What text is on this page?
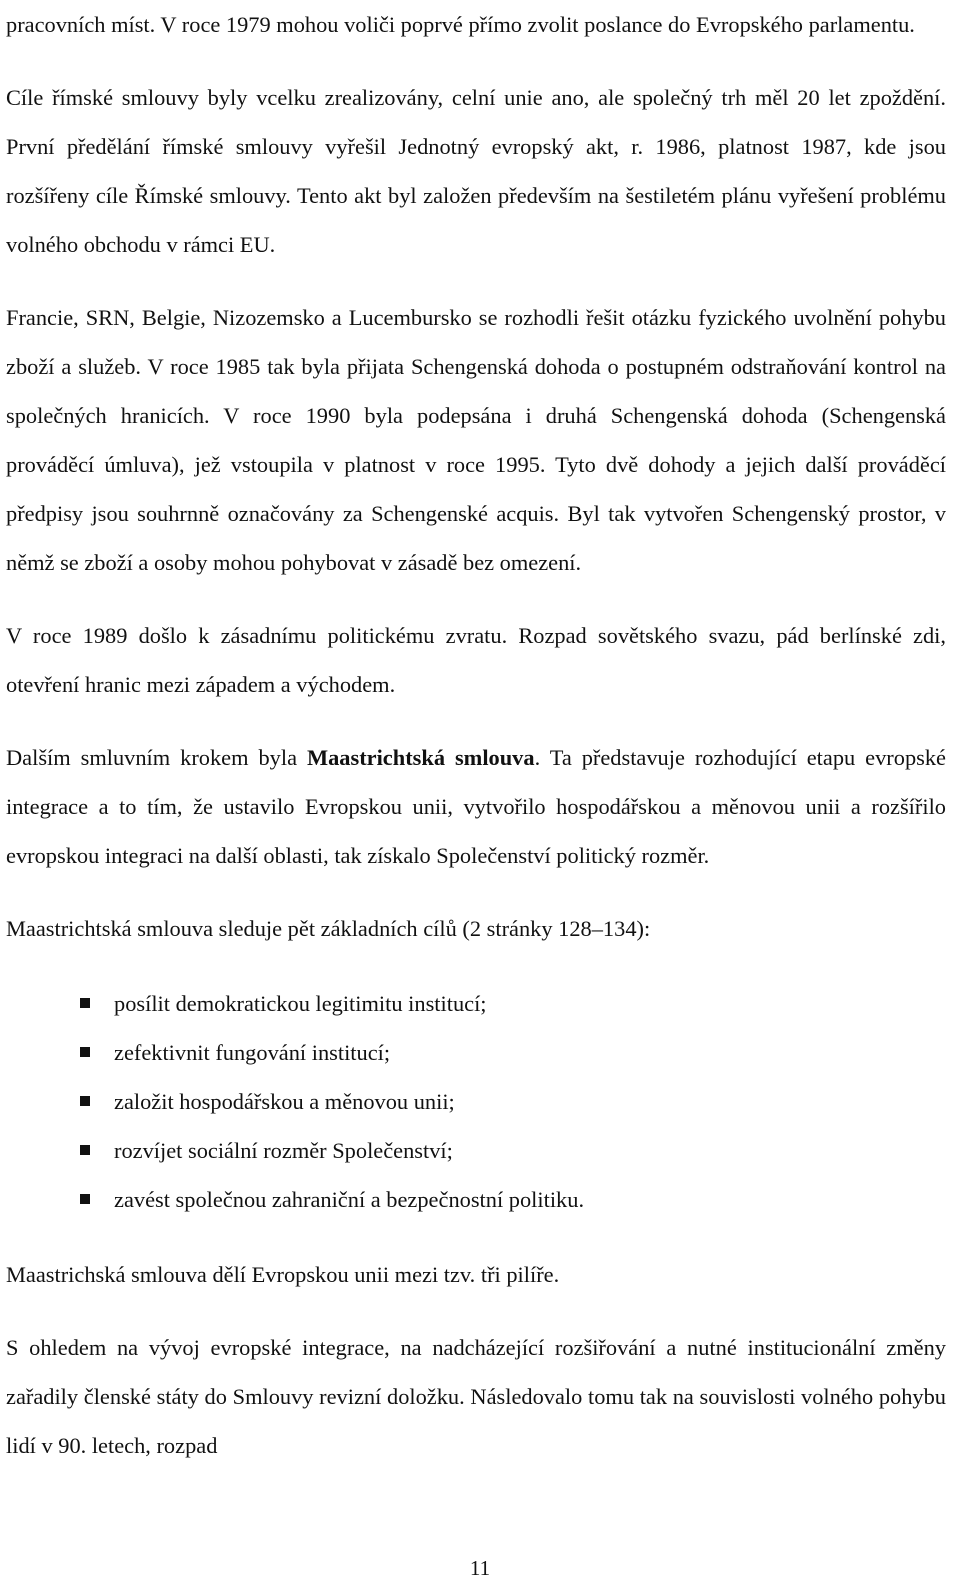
pracovních míst. V roce 1979 mohou voliči poprvé přímo zvolit poslance do Evropského parlamentu.

Cíle římské smlouvy byly vcelku zrealizovány, celní unie ano, ale společný trh měl 20 let zpoždění. První předělání římské smlouvy vyřešil Jednotný evropský akt, r. 1986, platnost 1987, kde jsou rozšířeny cíle Římské smlouvy. Tento akt byl založen především na šestiletém plánu vyřešení problému volného obchodu v rámci EU.

Francie, SRN, Belgie, Nizozemsko a Lucembursko se rozhodli řešit otázku fyzického uvolnění pohybu zboží a služeb. V roce 1985 tak byla přijata Schengenská dohoda o postupném odstraňování kontrol na společných hranicích. V roce 1990 byla podepsána i druhá Schengenská dohoda (Schengenská prováděcí úmluva), jež vstoupila v platnost v roce 1995. Tyto dvě dohody a jejich další prováděcí předpisy jsou souhrnně označovány za Schengenské acquis. Byl tak vytvořen Schengenský prostor, v němž se zboží a osoby mohou pohybovat v zásadě bez omezení.

V roce 1989 došlo k zásadnímu politickému zvratu. Rozpad sovětského svazu, pád berlínské zdi, otevření hranic mezi západem a východem.

Dalším smluvním krokem byla Maastrichtská smlouva. Ta představuje rozhodující etapu evropské integrace a to tím, že ustavilo Evropskou unii, vytvořilo hospodářskou a měnovou unii a rozšířilo evropskou integraci na další oblasti, tak získalo Společenství politický rozměr.

Maastrichtská smlouva sleduje pět základních cílů (2 stránky 128–134):

posílit demokratickou legitimitu institucí;
zefektivnit fungování institucí;
založit hospodářskou a měnovou unii;
rozvíjet sociální rozměr Společenství;
zavést společnou zahraniční a bezpečnostní politiku.

Maastrichská smlouva dělí Evropskou unii mezi tzv. tři pilíře.

S ohledem na vývoj evropské integrace, na nadcházející rozšiřování a nutné institucionální změny zařadily členské státy do Smlouvy revizní doložku. Následovalo tomu tak na souvislosti volného pohybu lidí v 90. letech, rozpad

11
